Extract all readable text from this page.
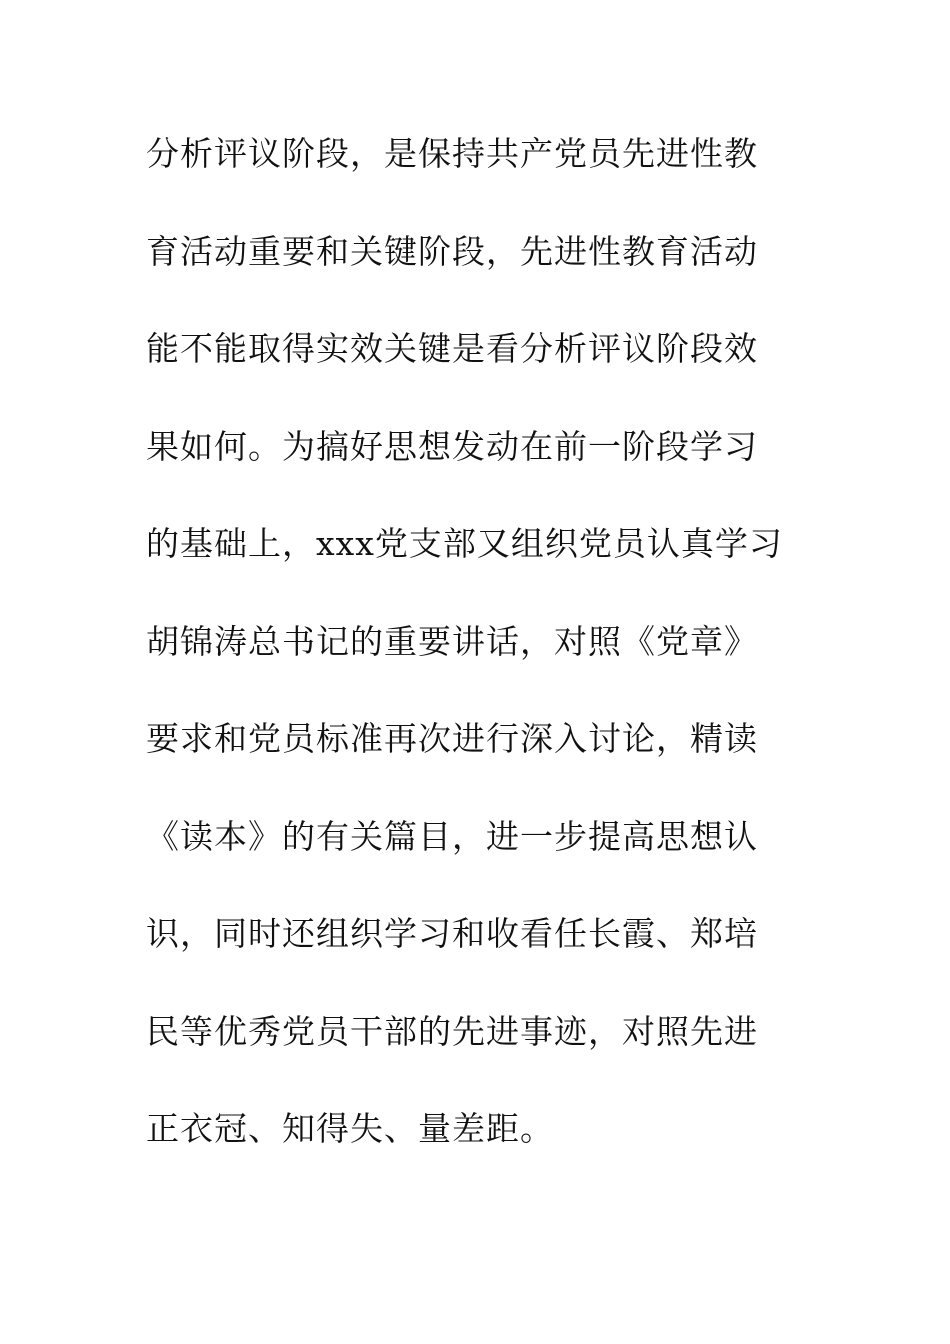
分析评议阶段，是保持共产党员先进性教
育活动重要和关键阶段，先进性教育活动
能不能取得实效关键是看分析评议阶段效
果如何。为搞好思想发动在前一阶段学习
的基础上，xxx党支部又组织党员认真学习
胡锦涛总书记的重要讲话，对照《党章》
要求和党员标准再次进行深入讨论，精读
《读本》的有关篇目，进一步提高思想认
识，同时还组织学习和收看任长霞、郑培
民等优秀党员干部的先进事迹，对照先进
正衣冠、知得失、量差距。
